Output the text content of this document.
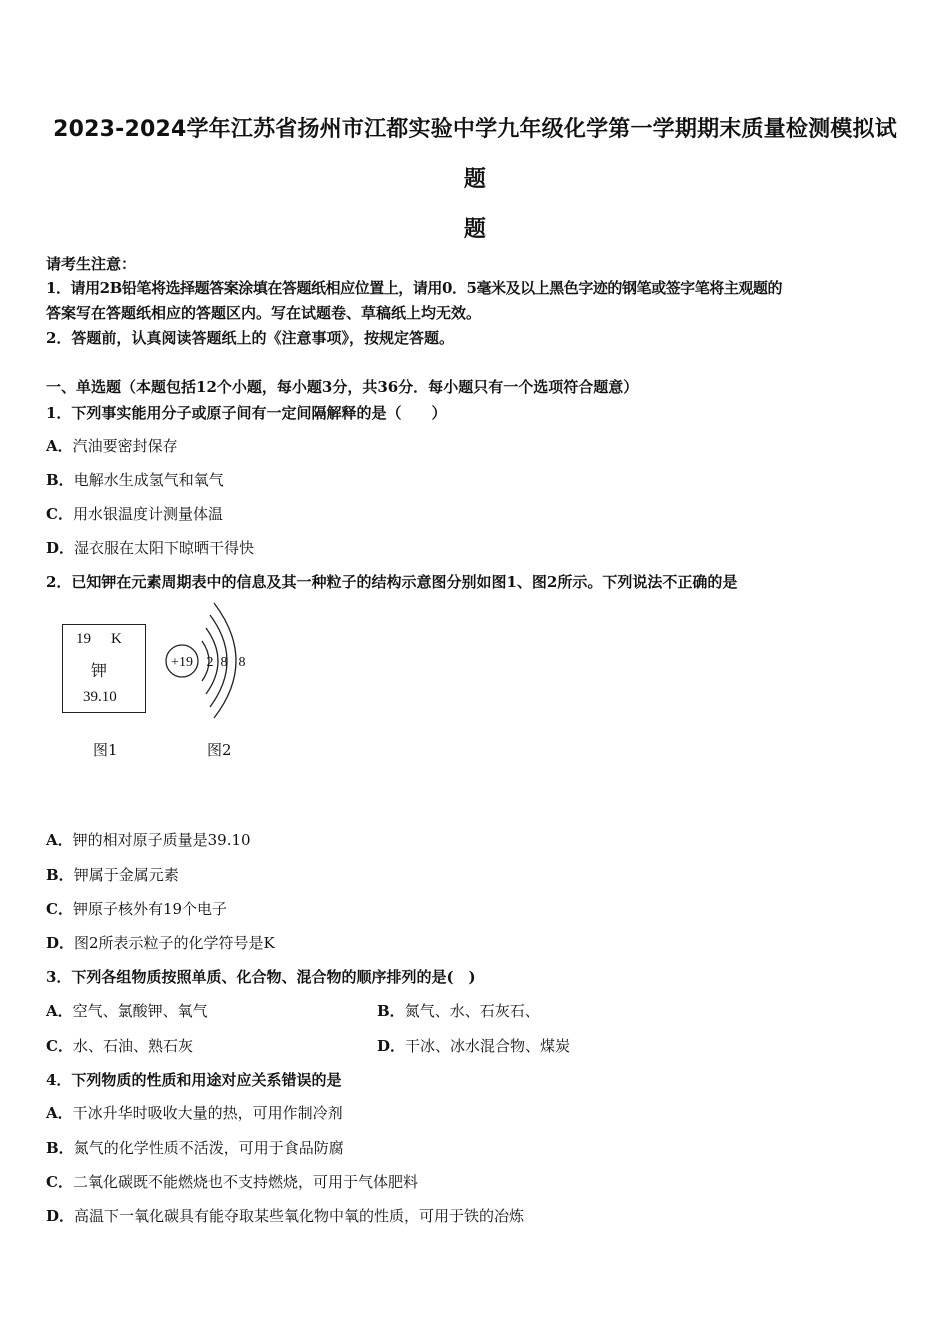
2023-2024学年江苏省扬州市江都实验中学九年级化学第一学期期末质量检测模拟试
题
题
请考生注意：
1．请用2B铅笔将选择题答案涂填在答题纸相应位置上，请用0．5毫米及以上黑色字迹的钢笔或签字笔将主观题的
答案写在答题纸相应的答题区内。写在试题卷、草稿纸上均无效。
2．答题前，认真阅读答题纸上的《注意事项》，按规定答题。
一、单选题（本题包括12个小题，每小题3分，共36分．每小题只有一个选项符合题意）
1．下列事实能用分子或原子间有一定间隔解释的是（　　）
A．汽油要密封保存
B．电解水生成氢气和氧气
C．用水银温度计测量体温
D．湿衣服在太阳下晾晒干得快
2．已知钾在元素周期表中的信息及其一种粒子的结构示意图分别如图1、图2所示。下列说法不正确的是
19 K
钾
39.10
图1
+19 2 8 8
图2
A．钾的相对原子质量是39.10
B．钾属于金属元素
C．钾原子核外有19个电子
D．图2所表示粒子的化学符号是K
3．下列各组物质按照单质、化合物、混合物的顺序排列的是(　)
A．空气、氯酸钾、氧气	B．氮气、水、石灰石、
C．水、石油、熟石灰	D．干冰、冰水混合物、煤炭
4．下列物质的性质和用途对应关系错误的是
A．干冰升华时吸收大量的热，可用作制冷剂
B．氮气的化学性质不活泼，可用于食品防腐
C．二氧化碳既不能燃烧也不支持燃烧，可用于气体肥料
D．高温下一氧化碳具有能夺取某些氧化物中氧的性质，可用于铁的冶炼
